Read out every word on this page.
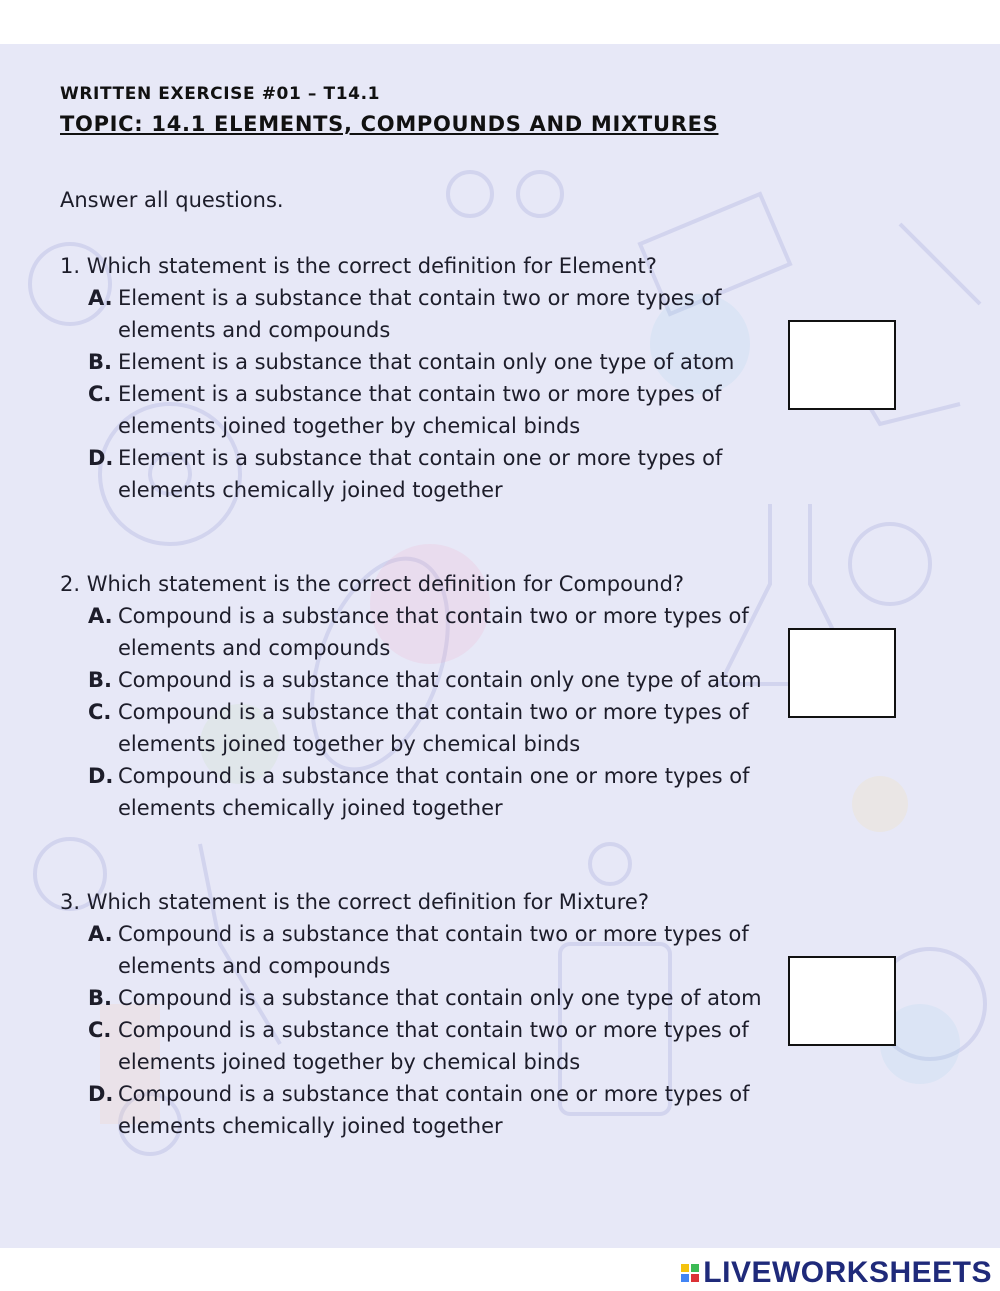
WRITTEN EXERCISE #01 – T14.1
TOPIC: 14.1 ELEMENTS, COMPOUNDS AND MIXTURES
Answer all questions.
1. Which statement is the correct definition for Element?
A. Element is a substance that contain two or more types of elements and compounds
B. Element is a substance that contain only one type of atom
C. Element is a substance that contain two or more types of elements joined together by chemical binds
D. Element is a substance that contain one or more types of elements chemically joined together
2. Which statement is the correct definition for Compound?
A. Compound is a substance that contain two or more types of elements and compounds
B. Compound is a substance that contain only one type of atom
C. Compound is a substance that contain two or more types of elements joined together by chemical binds
D. Compound is a substance that contain one or more types of elements chemically joined together
3. Which statement is the correct definition for Mixture?
A. Compound is a substance that contain two or more types of elements and compounds
B. Compound is a substance that contain only one type of atom
C. Compound is a substance that contain two or more types of elements joined together by chemical binds
D. Compound is a substance that contain one or more types of elements chemically joined together
LIVEWORKSHEETS
